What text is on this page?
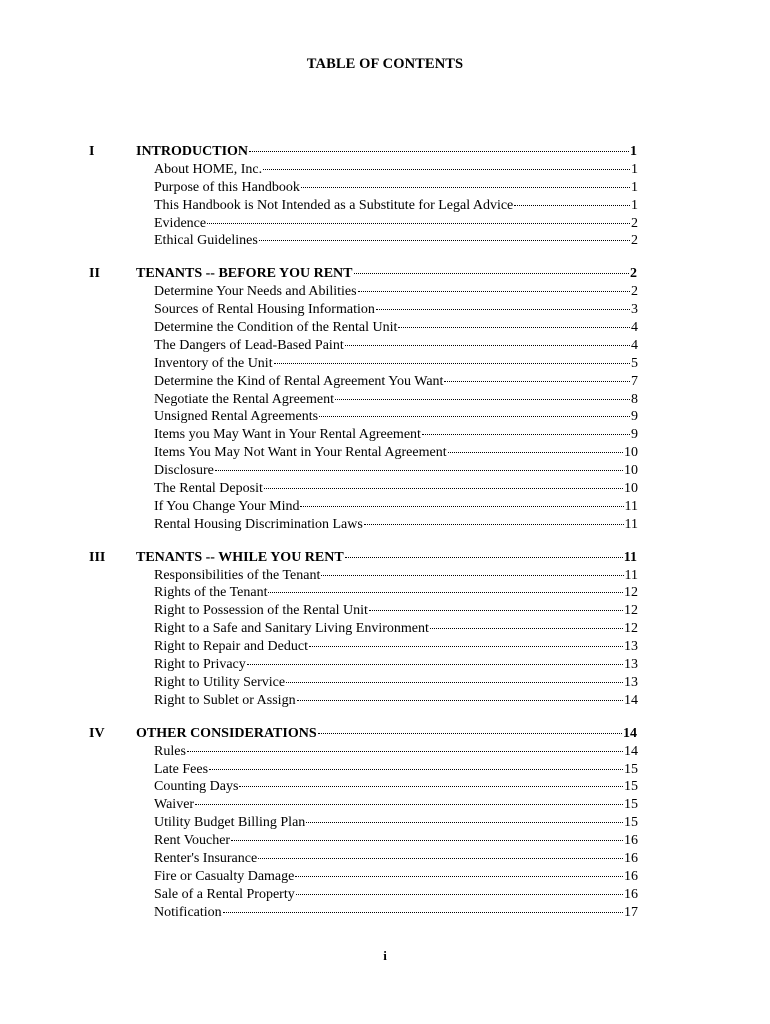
TABLE OF CONTENTS
I	INTRODUCTION	1
About HOME, Inc.	1
Purpose of this Handbook	1
This Handbook is Not Intended as a Substitute for Legal Advice	1
Evidence	2
Ethical Guidelines	2
II	TENANTS -- BEFORE YOU RENT	2
Determine Your Needs and Abilities	2
Sources of Rental Housing Information	3
Determine the Condition of the Rental Unit	4
The Dangers of Lead-Based Paint	4
Inventory of the Unit	5
Determine the Kind of Rental Agreement You Want	7
Negotiate the Rental Agreement	8
Unsigned Rental Agreements	9
Items you May Want in Your Rental Agreement	9
Items You May Not Want in Your Rental Agreement	10
Disclosure	10
The Rental Deposit	10
If You Change Your Mind	11
Rental Housing Discrimination Laws	11
III	TENANTS -- WHILE YOU RENT	11
Responsibilities of the Tenant	11
Rights of the Tenant	12
Right to Possession of the Rental Unit	12
Right to a Safe and Sanitary Living Environment	12
Right to Repair and Deduct	13
Right to Privacy	13
Right to Utility Service	13
Right to Sublet or Assign	14
IV	OTHER CONSIDERATIONS	14
Rules	14
Late Fees	15
Counting Days	15
Waiver	15
Utility Budget Billing Plan	15
Rent Voucher	16
Renter's Insurance	16
Fire or Casualty Damage	16
Sale of a Rental Property	16
Notification	17
i
